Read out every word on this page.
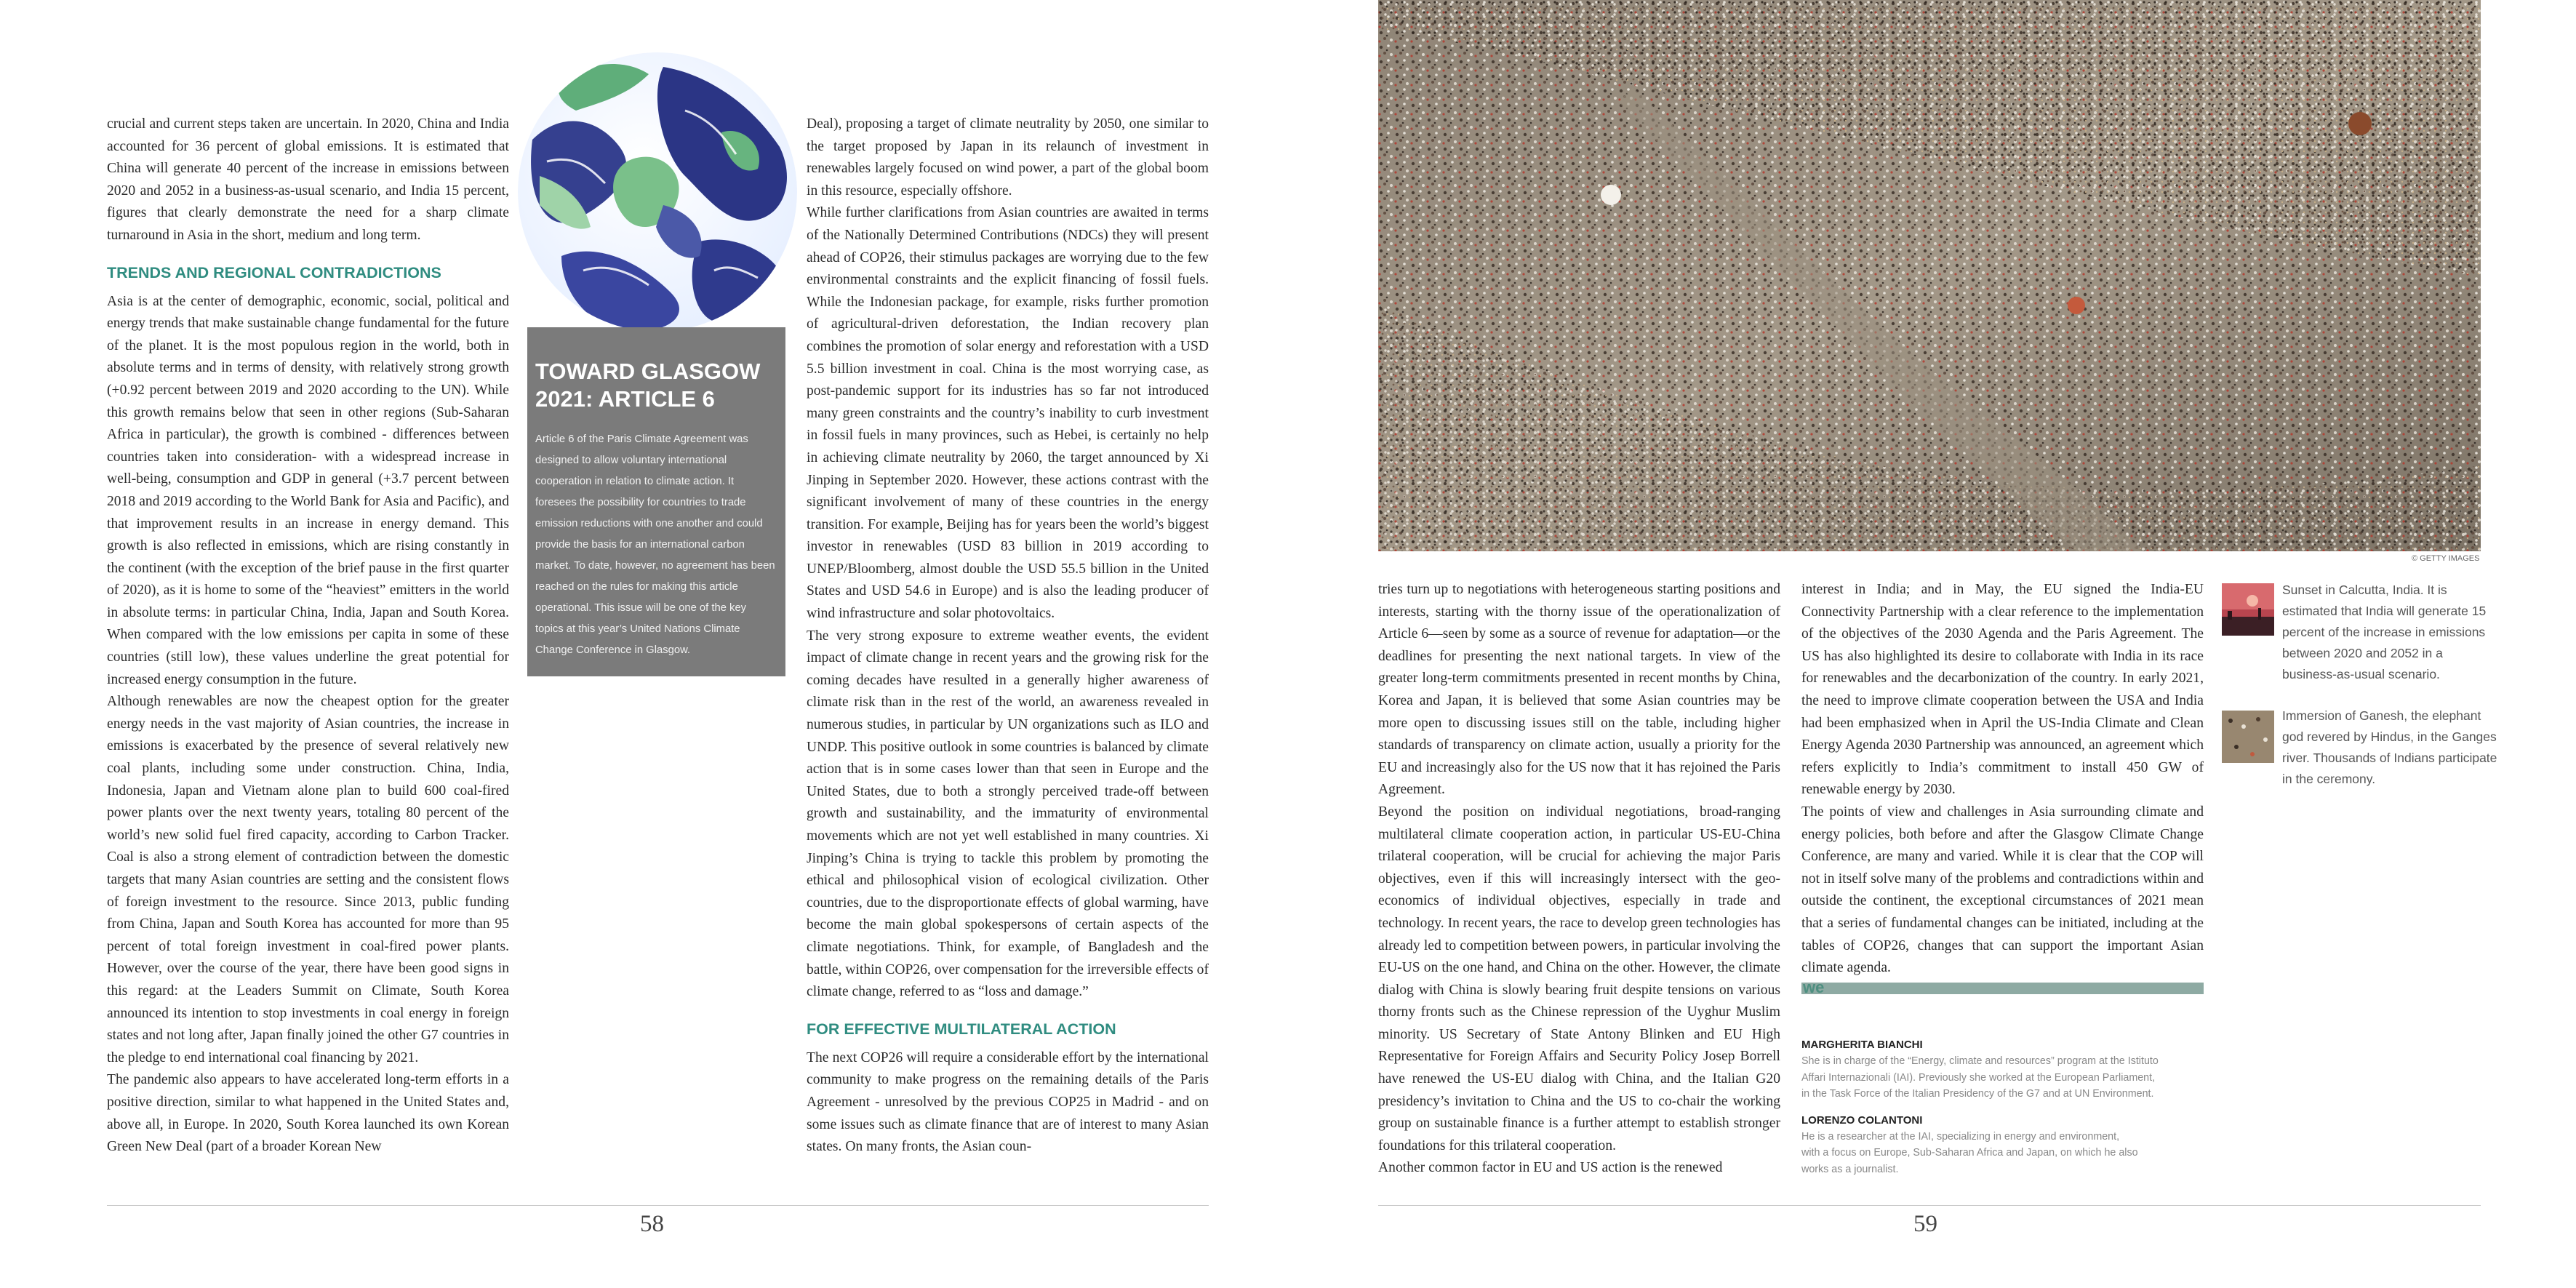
crucial and current steps taken are uncertain. In 2020, China and India accounted for 36 percent of global emissions. It is estimated that China will generate 40 percent of the increase in emissions between 2020 and 2052 in a business-as-usual scenario, and India 15 percent, figures that clearly demonstrate the need for a sharp climate turnaround in Asia in the short, medium and long term.

TRENDS AND REGIONAL CONTRADICTIONS

Asia is at the center of demographic, economic, social, political and energy trends that make sustainable change fundamental for the future of the planet. It is the most populous region in the world, both in absolute terms and in terms of density, with relatively strong growth (+0.92 percent between 2019 and 2020 according to the UN). While this growth remains below that seen in other regions (Sub-Saharan Africa in particular), the growth is combined - differences between countries taken into consideration- with a widespread increase in well-being, consumption and GDP in general (+3.7 percent between 2018 and 2019 according to the World Bank for Asia and Pacific), and that improvement results in an increase in energy demand. This growth is also reflected in emissions, which are rising constantly in the continent (with the exception of the brief pause in the first quarter of 2020), as it is home to some of the “heaviest” emitters in the world in absolute terms: in particular China, India, Japan and South Korea. When compared with the low emissions per capita in some of these countries (still low), these values underline the great potential for increased energy consumption in the future.

Although renewables are now the cheapest option for the greater energy needs in the vast majority of Asian countries, the increase in emissions is exacerbated by the presence of several relatively new coal plants, including some under construction. China, India, Indonesia, Japan and Vietnam alone plan to build 600 coal-fired power plants over the next twenty years, totaling 80 percent of the world’s new solid fuel fired capacity, according to Carbon Tracker. Coal is also a strong element of contradiction between the domestic targets that many Asian countries are setting and the consistent flows of foreign investment to the resource. Since 2013, public funding from China, Japan and South Korea has accounted for more than 95 percent of total foreign investment in coal-fired power plants. However, over the course of the year, there have been good signs in this regard: at the Leaders Summit on Climate, South Korea announced its intention to stop investments in coal energy in foreign states and not long after, Japan finally joined the other G7 countries in the pledge to end international coal financing by 2021.

The pandemic also appears to have accelerated long-term efforts in a positive direction, similar to what happened in the United States and, above all, in Europe. In 2020, South Korea launched its own Korean Green New Deal (part of a broader Korean New

TOWARD GLASGOW 2021: ARTICLE 6
Article 6 of the Paris Climate Agreement was designed to allow voluntary international cooperation in relation to climate action. It foresees the possibility for countries to trade emission reductions with one another and could provide the basis for an international carbon market. To date, however, no agreement has been reached on the rules for making this article operational. This issue will be one of the key topics at this year’s United Nations Climate Change Conference in Glasgow.

Deal), proposing a target of climate neutrality by 2050, one similar to the target proposed by Japan in its relaunch of investment in renewables largely focused on wind power, a part of the global boom in this resource, especially offshore.

While further clarifications from Asian countries are awaited in terms of the Nationally Determined Contributions (NDCs) they will present ahead of COP26, their stimulus packages are worrying due to the few environmental constraints and the explicit financing of fossil fuels. While the Indonesian package, for example, risks further promotion of agricultural-driven deforestation, the Indian recovery plan combines the promotion of solar energy and reforestation with a USD 5.5 billion investment in coal. China is the most worrying case, as post-pandemic support for its industries has so far not introduced many green constraints and the country’s inability to curb investment in fossil fuels in many provinces, such as Hebei, is certainly no help in achieving climate neutrality by 2060, the target announced by Xi Jinping in September 2020. However, these actions contrast with the significant involvement of many of these countries in the energy transition. For example, Beijing has for years been the world’s biggest investor in renewables (USD 83 billion in 2019 according to UNEP/Bloomberg, almost double the USD 55.5 billion in the United States and USD 54.6 in Europe) and is also the leading producer of wind infrastructure and solar photovoltaics.

The very strong exposure to extreme weather events, the evident impact of climate change in recent years and the growing risk for the coming decades have resulted in a generally higher awareness of climate risk than in the rest of the world, an awareness revealed in numerous studies, in particular by UN organizations such as ILO and UNDP. This positive outlook in some countries is balanced by climate action that is in some cases lower than that seen in Europe and the United States, due to both a strongly perceived trade-off between growth and sustainability, and the immaturity of environmental movements which are not yet well established in many countries. Xi Jinping’s China is trying to tackle this problem by promoting the ethical and philosophical vision of ecological civilization. Other countries, due to the disproportionate effects of global warming, have become the main global spokespersons of certain aspects of the climate negotiations. Think, for example, of Bangladesh and the battle, within COP26, over compensation for the irreversible effects of climate change, referred to as “loss and damage.”

FOR EFFECTIVE MULTILATERAL ACTION

The next COP26 will require a considerable effort by the international community to make progress on the remaining details of the Paris Agreement - unresolved by the previous COP25 in Madrid - and on some issues such as climate finance that are of interest to many Asian states. On many fronts, the Asian coun-

58
© GETTY IMAGES

tries turn up to negotiations with heterogeneous starting positions and interests, starting with the thorny issue of the operationalization of Article 6—seen by some as a source of revenue for adaptation—or the deadlines for presenting the next national targets. In view of the greater long-term commitments presented in recent months by China, Korea and Japan, it is believed that some Asian countries may be more open to discussing issues still on the table, including higher standards of transparency on climate action, usually a priority for the EU and increasingly also for the US now that it has rejoined the Paris Agreement.

Beyond the position on individual negotiations, broad-ranging multilateral climate cooperation action, in particular US-EU-China trilateral cooperation, will be crucial for achieving the major Paris objectives, even if this will increasingly intersect with the geo-economics of individual objectives, especially in trade and technology. In recent years, the race to develop green technologies has already led to competition between powers, in particular involving the EU-US on the one hand, and China on the other. However, the climate dialog with China is slowly bearing fruit despite tensions on various thorny fronts such as the Chinese repression of the Uyghur Muslim minority. US Secretary of State Antony Blinken and EU High Representative for Foreign Affairs and Security Policy Josep Borrell have renewed the US-EU dialog with China, and the Italian G20 presidency’s invitation to China and the US to co-chair the working group on sustainable finance is a further attempt to establish stronger foundations for this trilateral cooperation.

Another common factor in EU and US action is the renewed

interest in India; and in May, the EU signed the India-EU Connectivity Partnership with a clear reference to the implementation of the objectives of the 2030 Agenda and the Paris Agreement. The US has also highlighted its desire to collaborate with India in its race for renewables and the decarbonization of the country. In early 2021, the need to improve climate cooperation between the USA and India had been emphasized when in April the US-India Climate and Clean Energy Agenda 2030 Partnership was announced, an agreement which refers explicitly to India’s commitment to install 450 GW of renewable energy by 2030.

The points of view and challenges in Asia surrounding climate and energy policies, both before and after the Glasgow Climate Change Conference, are many and varied. While it is clear that the COP will not in itself solve many of the problems and contradictions within and outside the continent, the exceptional circumstances of 2021 mean that a series of fundamental changes can be initiated, including at the tables of COP26, changes that can support the important Asian climate agenda.

we
MARGHERITA BIANCHI
She is in charge of the “Energy, climate and resources” program at the Istituto
Affari Internazionali (IAI). Previously she worked at the European Parliament,
in the Task Force of the Italian Presidency of the G7 and at UN Environment.
LORENZO COLANTONI
He is a researcher at the IAI, specializing in energy and environment,
with a focus on Europe, Sub-Saharan Africa and Japan, on which he also
works as a journalist.
Sunset in Calcutta, India. It is
estimated that India will generate 15
percent of the increase in emissions
between 2020 and 2052 in a
business-as-usual scenario.
Immersion of Ganesh, the elephant
god revered by Hindus, in the Ganges
river. Thousands of Indians participate
in the ceremony.
59
